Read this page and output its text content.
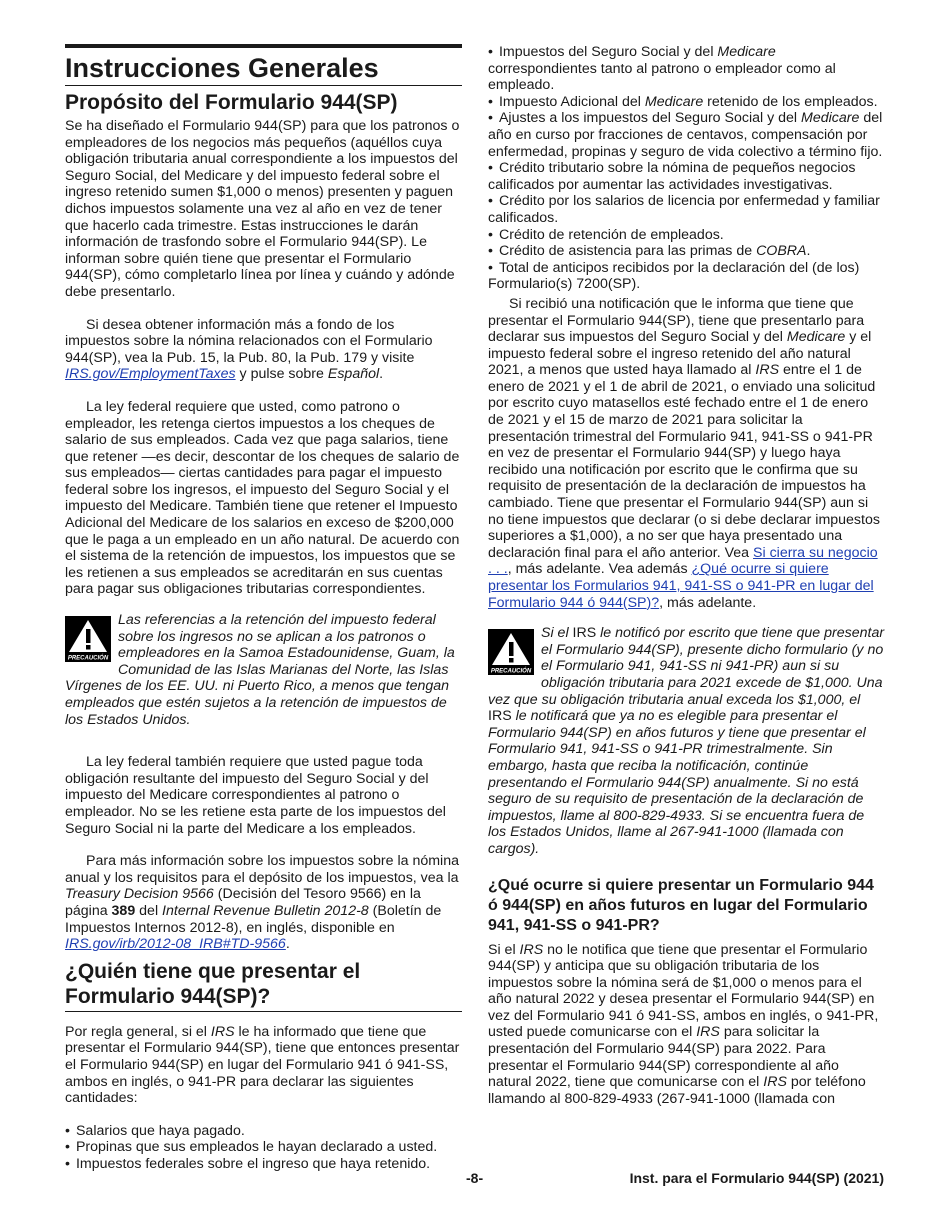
Instrucciones Generales
Propósito del Formulario 944(SP)

Se ha diseñado el Formulario 944(SP) para que los patronos o empleadores de los negocios más pequeños (aquéllos cuya obligación tributaria anual correspondiente a los impuestos del Seguro Social, del Medicare y del impuesto federal sobre el ingreso retenido sumen $1,000 o menos) presenten y paguen dichos impuestos solamente una vez al año en vez de tener que hacerlo cada trimestre. Estas instrucciones le darán información de trasfondo sobre el Formulario 944(SP). Le informan sobre quién tiene que presentar el Formulario 944(SP), cómo completarlo línea por línea y cuándo y adónde debe presentarlo.

Si desea obtener información más a fondo de los impuestos sobre la nómina relacionados con el Formulario 944(SP), vea la Pub. 15, la Pub. 80, la Pub. 179 y visite IRS.gov/EmploymentTaxes y pulse sobre Español.

La ley federal requiere que usted, como patrono o empleador, les retenga ciertos impuestos a los cheques de salario de sus empleados. Cada vez que paga salarios, tiene que retener —es decir, descontar de los cheques de salario de sus empleados— ciertas cantidades para pagar el impuesto federal sobre los ingresos, el impuesto del Seguro Social y el impuesto del Medicare. También tiene que retener el Impuesto Adicional del Medicare de los salarios en exceso de $200,000 que le paga a un empleado en un año natural. De acuerdo con el sistema de la retención de impuestos, los impuestos que se les retienen a sus empleados se acreditarán en sus cuentas para pagar sus obligaciones tributarias correspondientes.

PRECAUCIÓN
Las referencias a la retención del impuesto federal sobre los ingresos no se aplican a los patronos o empleadores en la Samoa Estadounidense, Guam, la Comunidad de las Islas Marianas del Norte, las Islas Vírgenes de los EE. UU. ni Puerto Rico, a menos que tengan empleados que estén sujetos a la retención de impuestos de los Estados Unidos.

La ley federal también requiere que usted pague toda obligación resultante del impuesto del Seguro Social y del impuesto del Medicare correspondientes al patrono o empleador. No se les retiene esta parte de los impuestos del Seguro Social ni la parte del Medicare a los empleados.

Para más información sobre los impuestos sobre la nómina anual y los requisitos para el depósito de los impuestos, vea la Treasury Decision 9566 (Decisión del Tesoro 9566) en la página 389 del Internal Revenue Bulletin 2012-8 (Boletín de Impuestos Internos 2012-8), en inglés, disponible en IRS.gov/irb/2012-08_IRB#TD-9566.

¿Quién tiene que presentar el Formulario 944(SP)?

Por regla general, si el IRS le ha informado que tiene que presentar el Formulario 944(SP), tiene que entonces presentar el Formulario 944(SP) en lugar del Formulario 941 ó 941-SS, ambos en inglés, o 941-PR para declarar las siguientes cantidades:

• Salarios que haya pagado.
• Propinas que sus empleados le hayan declarado a usted.
• Impuestos federales sobre el ingreso que haya retenido.
• Impuestos del Seguro Social y del Medicare correspondientes tanto al patrono o empleador como al empleado.
• Impuesto Adicional del Medicare retenido de los empleados.
• Ajustes a los impuestos del Seguro Social y del Medicare del año en curso por fracciones de centavos, compensación por enfermedad, propinas y seguro de vida colectivo a término fijo.
• Crédito tributario sobre la nómina de pequeños negocios calificados por aumentar las actividades investigativas.
• Crédito por los salarios de licencia por enfermedad y familiar calificados.
• Crédito de retención de empleados.
• Crédito de asistencia para las primas de COBRA.
• Total de anticipos recibidos por la declaración del (de los) Formulario(s) 7200(SP).

Si recibió una notificación que le informa que tiene que presentar el Formulario 944(SP), tiene que presentarlo para declarar sus impuestos del Seguro Social y del Medicare y el impuesto federal sobre el ingreso retenido del año natural 2021, a menos que usted haya llamado al IRS entre el 1 de enero de 2021 y el 1 de abril de 2021, o enviado una solicitud por escrito cuyo matasellos esté fechado entre el 1 de enero de 2021 y el 15 de marzo de 2021 para solicitar la presentación trimestral del Formulario 941, 941-SS o 941-PR en vez de presentar el Formulario 944(SP) y luego haya recibido una notificación por escrito que le confirma que su requisito de presentación de la declaración de impuestos ha cambiado. Tiene que presentar el Formulario 944(SP) aun si no tiene impuestos que declarar (o si debe declarar impuestos superiores a $1,000), a no ser que haya presentado una declaración final para el año anterior. Vea Si cierra su negocio . . ., más adelante. Vea además ¿Qué ocurre si quiere presentar los Formularios 941, 941-SS o 941-PR en lugar del Formulario 944 ó 944(SP)?, más adelante.

PRECAUCIÓN
Si el IRS le notificó por escrito que tiene que presentar el Formulario 944(SP), presente dicho formulario (y no el Formulario 941, 941-SS ni 941-PR) aun si su obligación tributaria para 2021 excede de $1,000. Una vez que su obligación tributaria anual exceda los $1,000, el IRS le notificará que ya no es elegible para presentar el Formulario 944(SP) en años futuros y tiene que presentar el Formulario 941, 941-SS o 941-PR trimestralmente. Sin embargo, hasta que reciba la notificación, continúe presentando el Formulario 944(SP) anualmente. Si no está seguro de su requisito de presentación de la declaración de impuestos, llame al 800-829-4933. Si se encuentra fuera de los Estados Unidos, llame al 267-941-1000 (llamada con cargos).
¿Qué ocurre si quiere presentar un Formulario 944 ó 944(SP) en años futuros en lugar del Formulario 941, 941-SS o 941-PR?

Si el IRS no le notifica que tiene que presentar el Formulario 944(SP) y anticipa que su obligación tributaria de los impuestos sobre la nómina será de $1,000 o menos para el año natural 2022 y desea presentar el Formulario 944(SP) en vez del Formulario 941 ó 941-SS, ambos en inglés, o 941-PR, usted puede comunicarse con el IRS para solicitar la presentación del Formulario 944(SP) para 2022. Para presentar el Formulario 944(SP) correspondiente al año natural 2022, tiene que comunicarse con el IRS por teléfono llamando al 800-829-4933 (267-941-1000 (llamada con

-8-	Inst. para el Formulario 944(SP) (2021)
